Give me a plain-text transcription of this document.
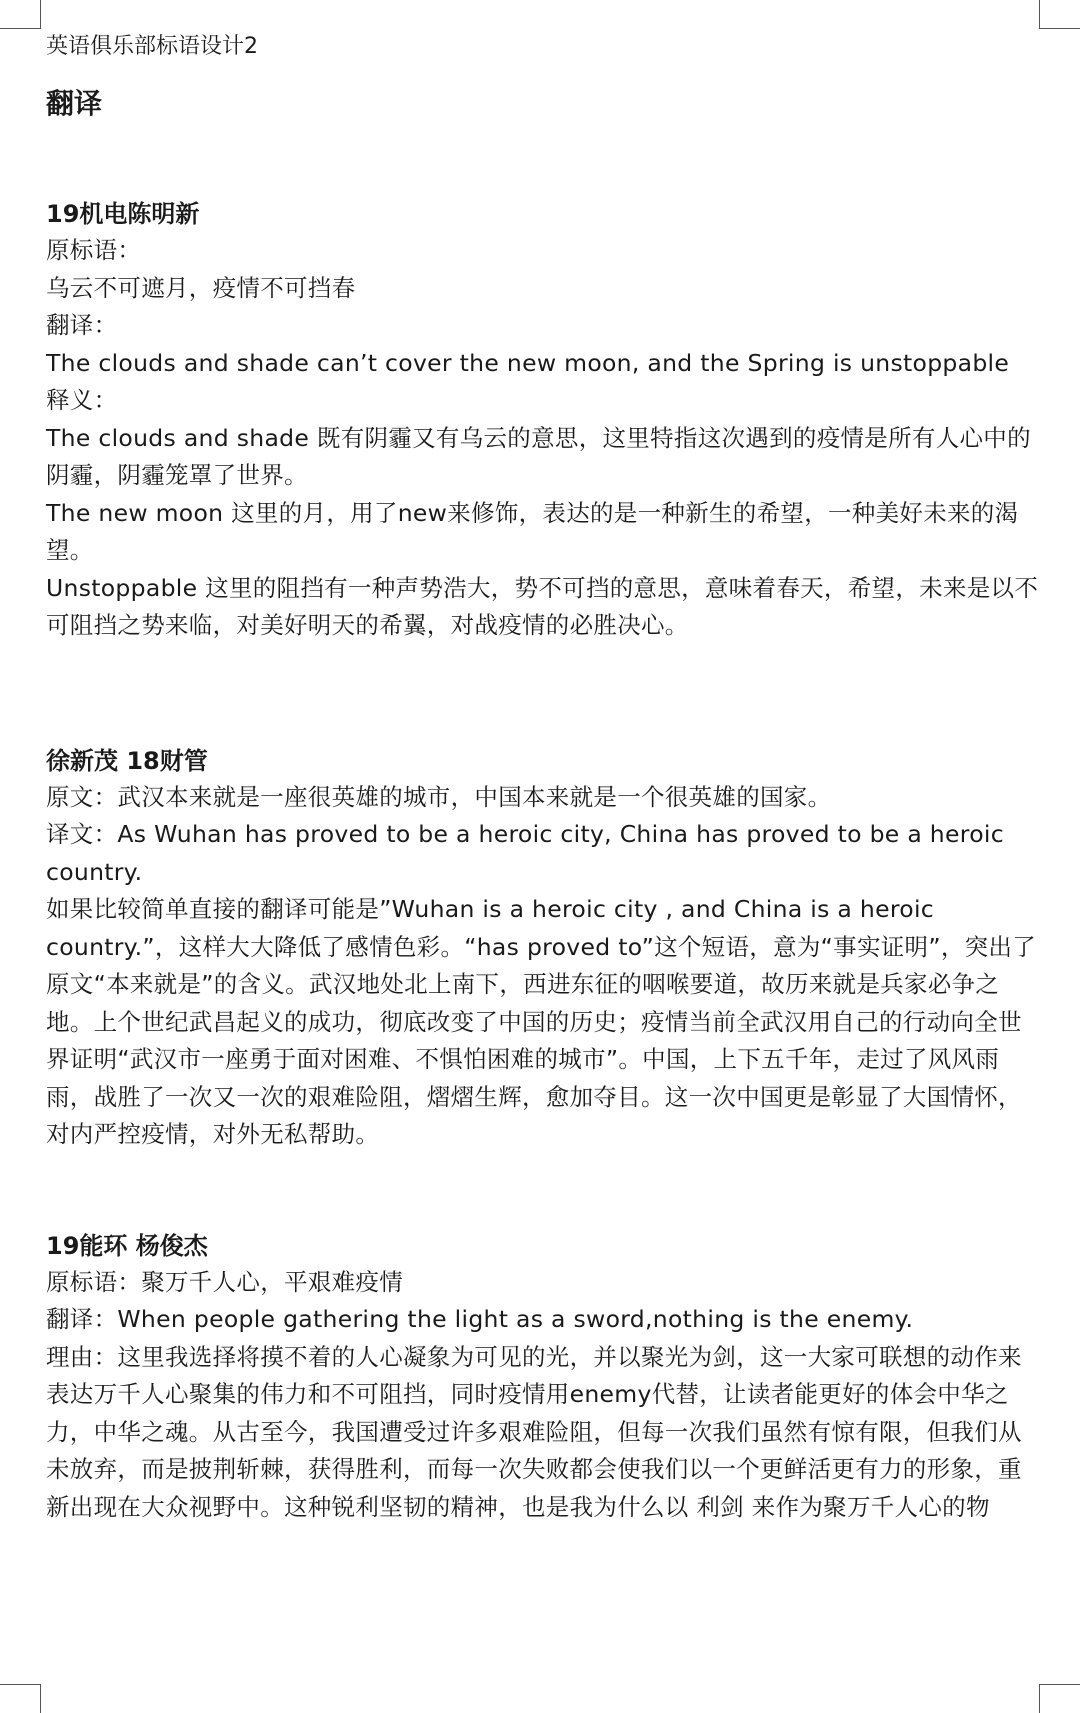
英语俱乐部标语设计2

翻译

19机电陈明新

原标语：

乌云不可遮月，疫情不可挡春

翻译：

The clouds and shade can’t cover the new moon, and the Spring is unstoppable

释义：

The clouds and shade 既有阴霾又有乌云的意思，这里特指这次遇到的疫情是所有人心中的阴霾，阴霾笼罩了世界。

The new moon 这里的月，用了new来修饰，表达的是一种新生的希望，一种美好未来的渴望。

Unstoppable 这里的阻挡有一种声势浩大，势不可挡的意思，意味着春天，希望，未来是以不可阻挡之势来临，对美好明天的希翼，对战疫情的必胜决心。

徐新茂 18财管

原文：武汉本来就是一座很英雄的城市，中国本来就是一个很英雄的国家。

译文：As Wuhan has proved to be a heroic city, China has proved to be a heroic country.

如果比较简单直接的翻译可能是”Wuhan is a heroic city , and China is a heroic country.”，这样大大降低了感情色彩。“has proved to”这个短语，意为“事实证明”，突出了原文“本来就是”的含义。武汉地处北上南下，西进东征的咽喉要道，故历来就是兵家必争之地。上个世纪武昌起义的成功，彻底改变了中国的历史；疫情当前全武汉用自己的行动向全世界证明“武汉市一座勇于面对困难、不惧怕困难的城市”。中国，上下五千年，走过了风风雨雨，战胜了一次又一次的艰难险阻，熠熠生辉，愈加夺目。这一次中国更是彰显了大国情怀，对内严控疫情，对外无私帮助。

19能环 杨俊杰

原标语：聚万千人心，平艰难疫情

翻译：When people gathering the light as a sword,nothing is the enemy.

理由：这里我选择将摸不着的人心凝象为可见的光，并以聚光为剑，这一大家可联想的动作来表达万千人心聚集的伟力和不可阻挡，同时疫情用enemy代替，让读者能更好的体会中华之力，中华之魂。从古至今，我国遭受过许多艰难险阻，但每一次我们虽然有惊有限，但我们从未放弃，而是披荆斩棘，获得胜利，而每一次失败都会使我们以一个更鲜活更有力的形象，重新出现在大众视野中。这种锐利坚韧的精神，也是我为什么以 利剑 来作为聚万千人心的物
